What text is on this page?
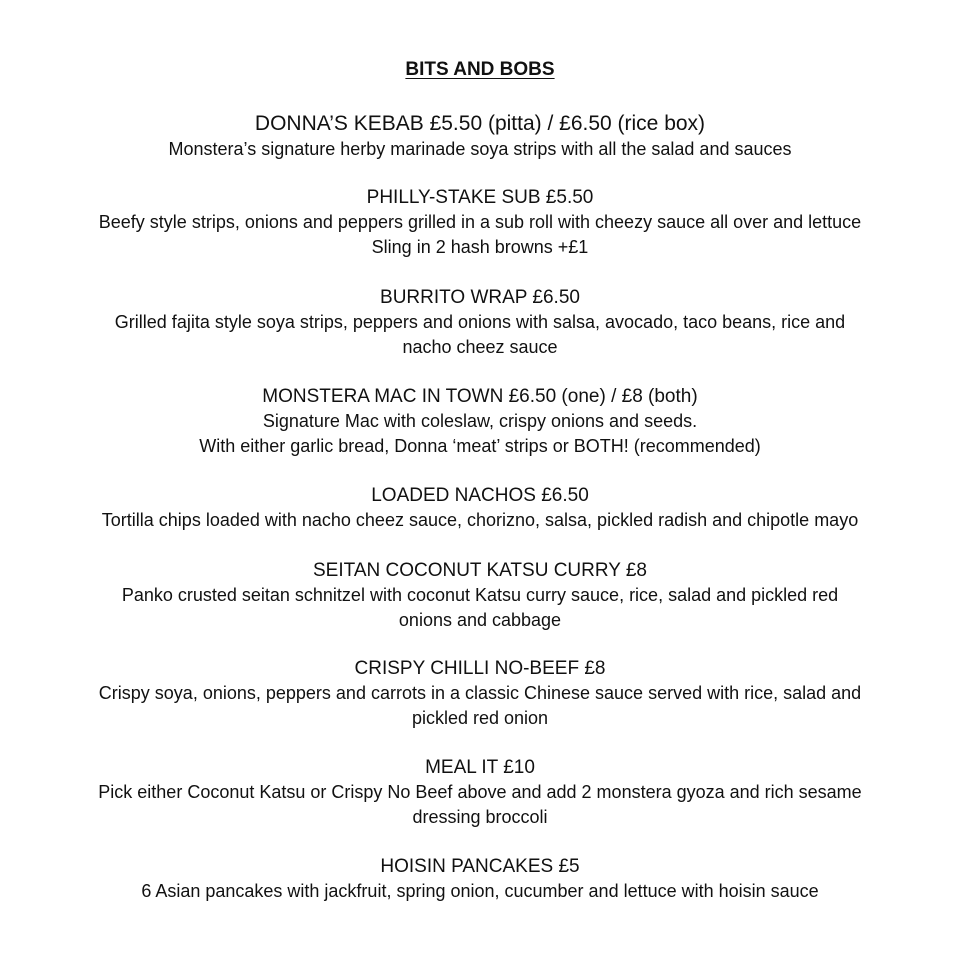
BITS AND BOBS
DONNA’S KEBAB £5.50 (pitta) / £6.50 (rice box)
Monstera’s signature herby marinade soya strips with all the salad and sauces
PHILLY-STAKE SUB £5.50
Beefy style strips, onions and peppers grilled in a sub roll with cheezy sauce all over and lettuce
Sling in 2 hash browns +£1
BURRITO WRAP £6.50
Grilled fajita style soya strips, peppers and onions with salsa, avocado, taco beans, rice and
nacho cheez sauce
MONSTERA MAC IN TOWN £6.50 (one) / £8 (both)
Signature Mac with coleslaw, crispy onions and seeds.
With either garlic bread, Donna ‘meat’ strips or BOTH! (recommended)
LOADED NACHOS £6.50
Tortilla chips loaded with nacho cheez sauce, chorizno, salsa, pickled radish and chipotle mayo
SEITAN COCONUT KATSU CURRY £8
Panko crusted seitan schnitzel with coconut Katsu curry sauce, rice, salad and pickled red
onions and cabbage
CRISPY CHILLI NO-BEEF £8
Crispy soya, onions, peppers and carrots in a classic Chinese sauce served with rice, salad and
pickled red onion
MEAL IT £10
Pick either Coconut Katsu or Crispy No Beef above and add 2 monstera gyoza and rich sesame
dressing broccoli
HOISIN PANCAKES £5
6 Asian pancakes with jackfruit, spring onion, cucumber and lettuce with hoisin sauce
